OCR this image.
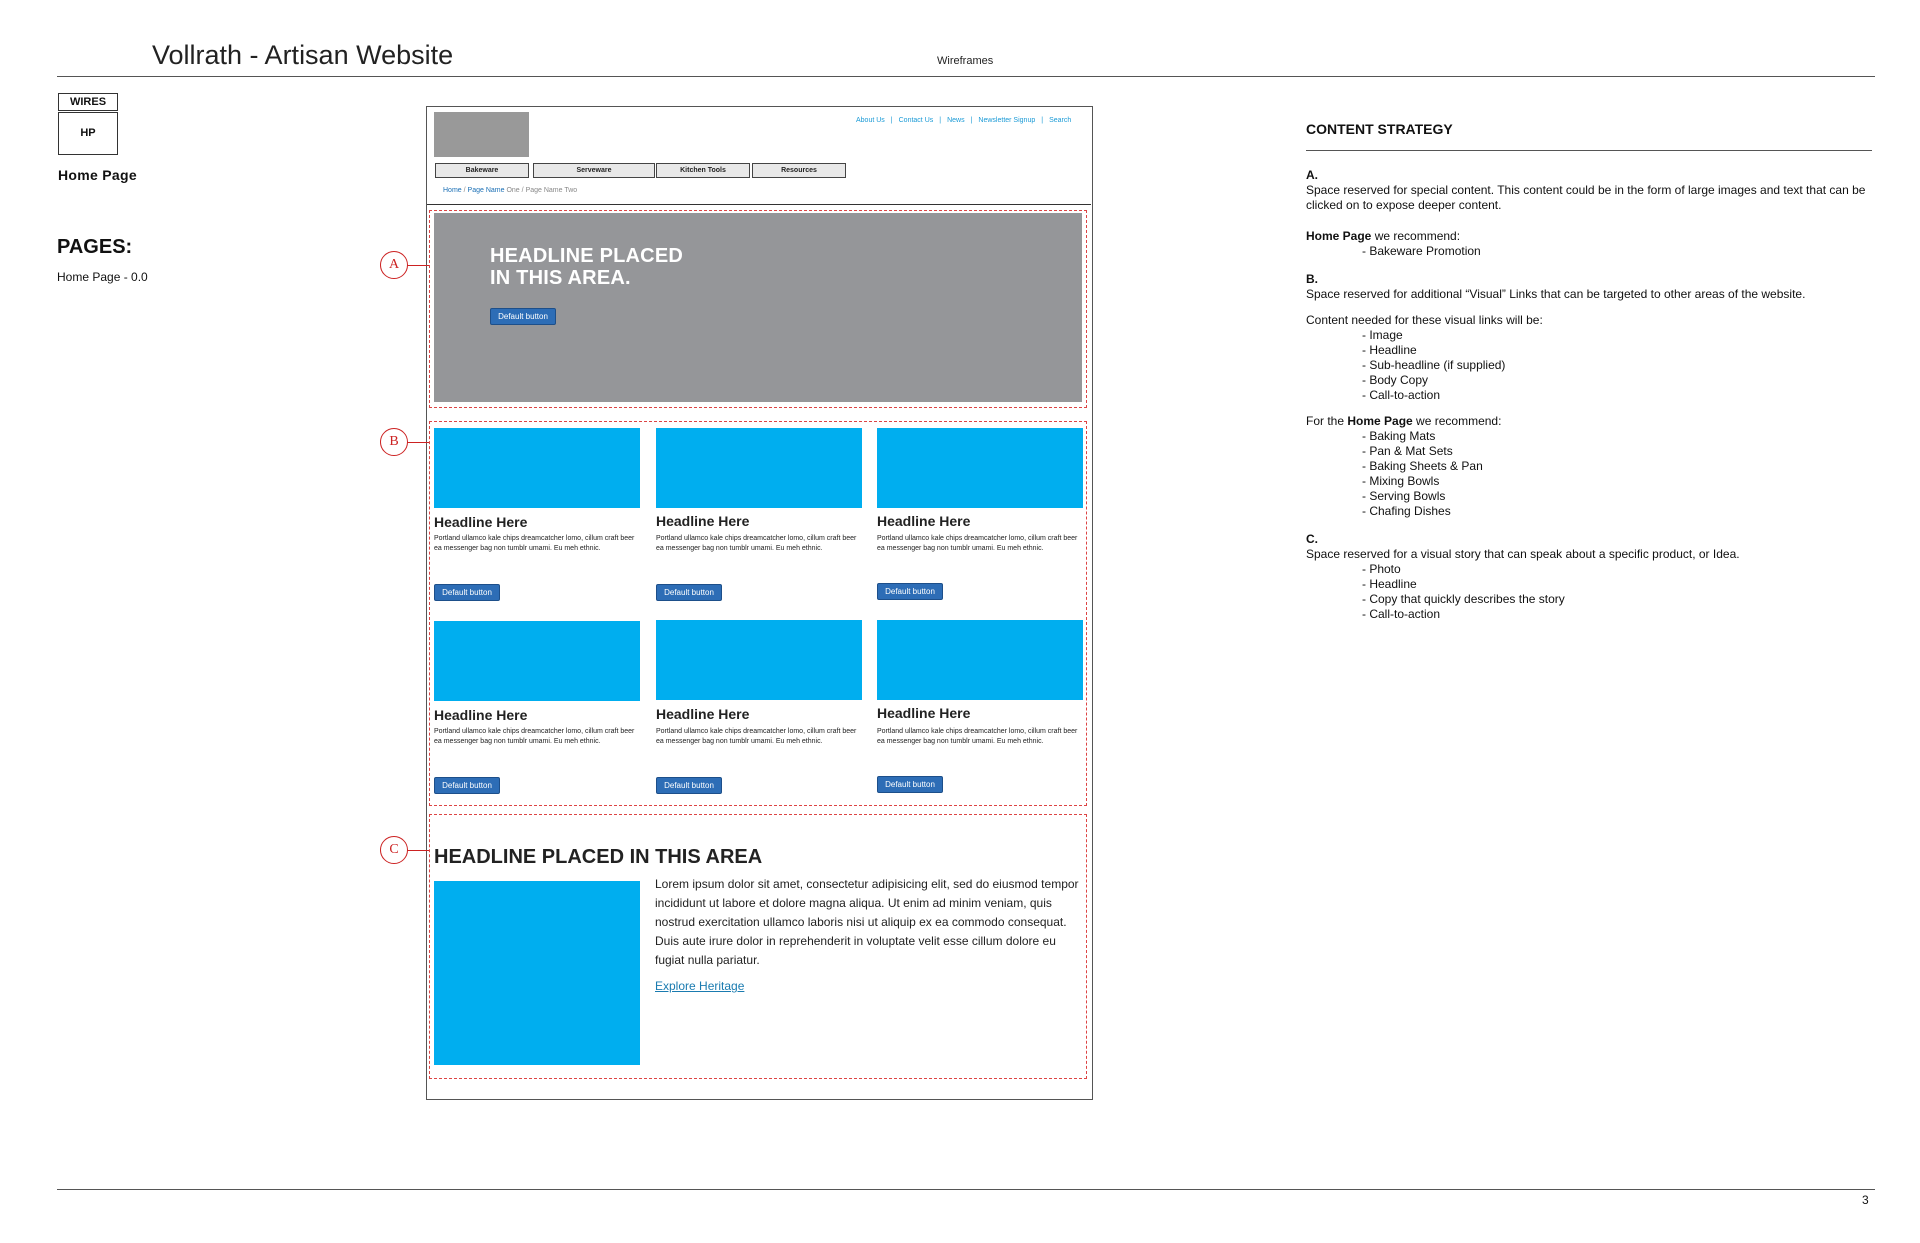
Vollrath - Artisan Website	Wireframes
WIRES
HP
Home Page
PAGES:
Home Page - 0.0
About Us | Contact Us | News | Newsletter Signup | Search
Bakeware	Serveware	Kitchen Tools	Resources
Home / Page Name One / Page Name Two
A	HEADLINE PLACED
IN THIS AREA.
Default button
B
Headline Here
Portland ullamco kale chips dreamcatcher lomo, cillum craft beer ea messenger bag non tumblr umami. Eu meh ethnic.
Default button
Headline Here
Portland ullamco kale chips dreamcatcher lomo, cillum craft beer ea messenger bag non tumblr umami. Eu meh ethnic.
Default button
Headline Here
Portland ullamco kale chips dreamcatcher lomo, cillum craft beer ea messenger bag non tumblr umami. Eu meh ethnic.
Default button
Headline Here
Portland ullamco kale chips dreamcatcher lomo, cillum craft beer ea messenger bag non tumblr umami. Eu meh ethnic.
Default button
Headline Here
Portland ullamco kale chips dreamcatcher lomo, cillum craft beer ea messenger bag non tumblr umami. Eu meh ethnic.
Default button
Headline Here
Portland ullamco kale chips dreamcatcher lomo, cillum craft beer ea messenger bag non tumblr umami. Eu meh ethnic.
Default button
C	HEADLINE PLACED IN THIS AREA
Lorem ipsum dolor sit amet, consectetur adipisicing elit, sed do eiusmod tempor incididunt ut labore et dolore magna aliqua. Ut enim ad minim veniam, quis nostrud exercitation ullamco laboris nisi ut aliquip ex ea commodo consequat. Duis aute irure dolor in reprehenderit in voluptate velit esse cillum dolore eu fugiat nulla pariatur.
Explore Heritage
CONTENT STRATEGY
A.
Space reserved for special content. This content could be in the form of large images and text that can be clicked on to expose deeper content.
Home Page we recommend:
- Bakeware Promotion
B.
Space reserved for additional “Visual” Links that can be targeted to other areas of the website.
Content needed for these visual links will be:
- Image
- Headline
- Sub-headline (if supplied)
- Body Copy
- Call-to-action
For the Home Page we recommend:
- Baking Mats
- Pan & Mat Sets
- Baking Sheets & Pan
- Mixing Bowls
- Serving Bowls
- Chafing Dishes
C.
Space reserved for a visual story that can speak about a specific product, or Idea.
- Photo
- Headline
- Copy that quickly describes the story
- Call-to-action
3
